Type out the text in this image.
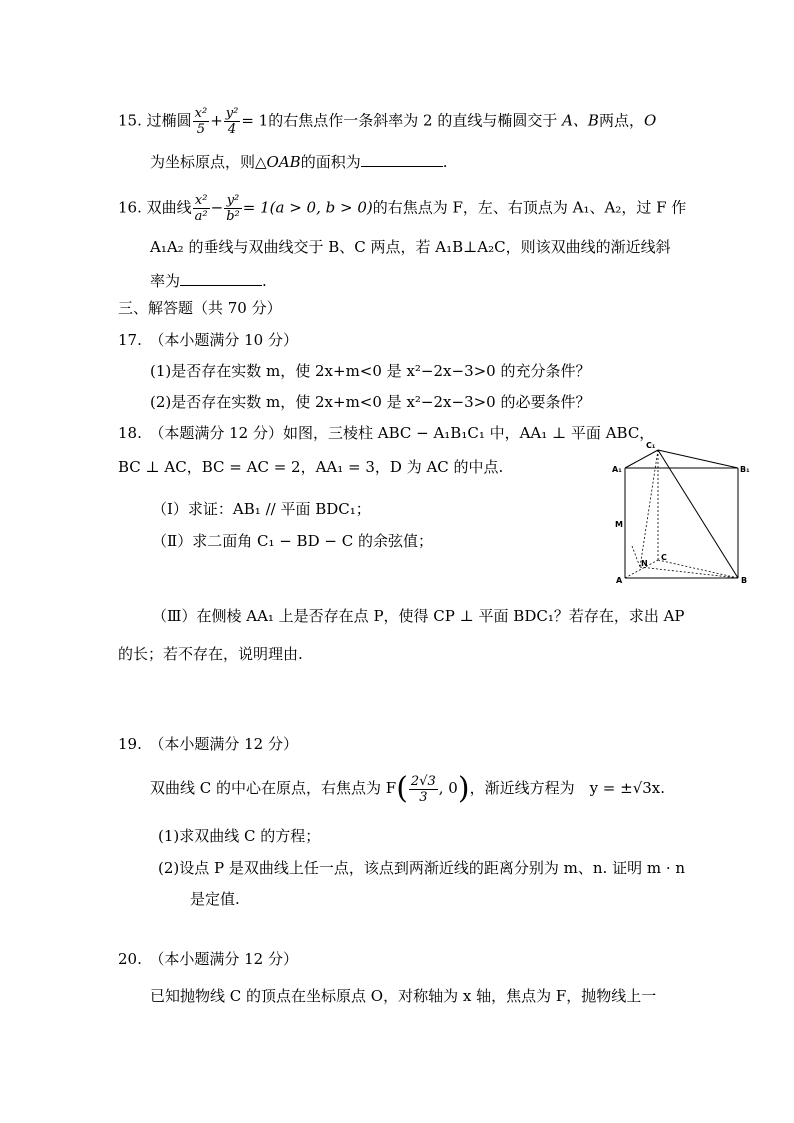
15. 过椭圆 $\frac{\text{x²}}{5} + \frac{\text{y²}}{4} = 1$的右焦点作一条斜率为 2 的直线与椭圆交于 A、B两点，O
为坐标原点，则△OAB的面积为	.
16. 双曲线 $\frac{\text{x²}}{\text{a²}} - \frac{\text{y²}}{\text{b²}} = 1(a > 0$, b > 0)的右焦点为 F，左、右顶点为 A₁、A₂，过 F 作
A₁A₂ 的垂线与双曲线交于 B、C 两点，若 A₁B⊥A₂C，则该双曲线的渐近线斜
率为	.
三、解答题（共 70 分）
17.　（本小题满分 10 分）
(1)是否存在实数 m，使 2x+m<0 是 x²−2x−3>0 的充分条件？
(2)是否存在实数 m，使 2x+m<0 是 x²−2x−3>0 的必要条件？
18.　（本题满分 12 分）如图，三棱柱 ABC − A₁B₁C₁ 中，AA₁ ⊥ 平面 ABC，
BC ⊥ AC，BC = AC = 2，AA₁ = 3，D 为 AC 的中点.
（Ⅰ）求证：AB₁ // 平面 BDC₁；
（Ⅱ）求二面角 C₁ − BD − C 的余弦值；
A₁	B₁
C₁
M
N
C
A	B
（Ⅲ）在侧棱 AA₁ 上是否存在点 P，使得 CP ⊥ 平面 BDC₁？若存在，求出 AP
的长；若不存在，说明理由.
19.　（本小题满分 12 分）
双曲线 C 的中心在原点，右焦点为 $F( \frac{2√3}{3}$ , 0)，渐近线方程为　y = ±√3x.
(1)求双曲线 C 的方程；
(2)设点 P 是双曲线上任一点，该点到两渐近线的距离分别为 m、n. 证明 m · n
是定值.
20.　（本小题满分 12 分）
已知抛物线 C 的顶点在坐标原点 O，对称轴为 x 轴，焦点为 F，抛物线上一
